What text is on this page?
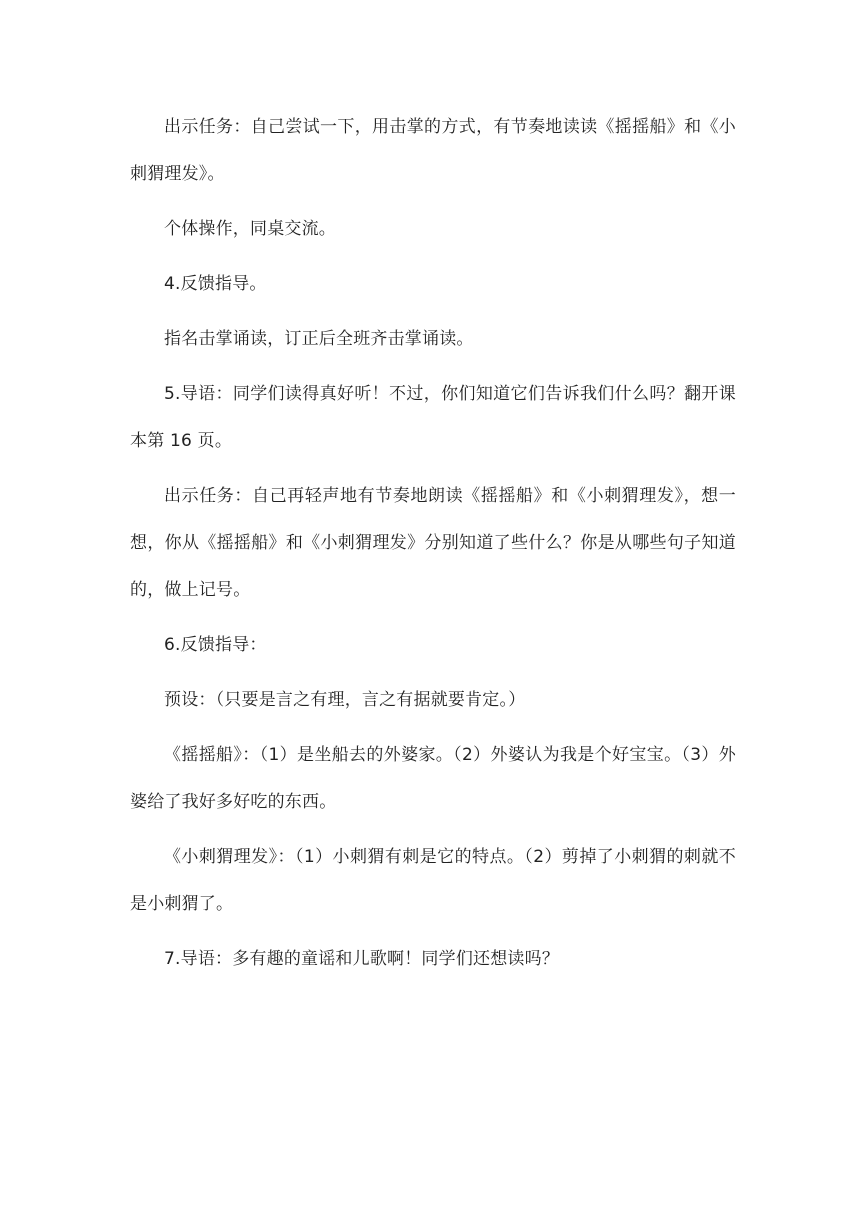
出示任务：自己尝试一下，用击掌的方式，有节奏地读读《摇摇船》和《小刺猬理发》。

个体操作，同桌交流。

4.反馈指导。

指名击掌诵读，订正后全班齐击掌诵读。

5.导语：同学们读得真好听！不过，你们知道它们告诉我们什么吗？翻开课本第 16 页。

出示任务：自己再轻声地有节奏地朗读《摇摇船》和《小刺猬理发》，想一想，你从《摇摇船》和《小刺猬理发》分别知道了些什么？你是从哪些句子知道的，做上记号。

6.反馈指导：

预设：（只要是言之有理，言之有据就要肯定。）

《摇摇船》：（1）是坐船去的外婆家。（2）外婆认为我是个好宝宝。（3）外婆给了我好多好吃的东西。

《小刺猬理发》：（1）小刺猬有刺是它的特点。（2）剪掉了小刺猬的刺就不是小刺猬了。

7.导语：多有趣的童谣和儿歌啊！同学们还想读吗？
